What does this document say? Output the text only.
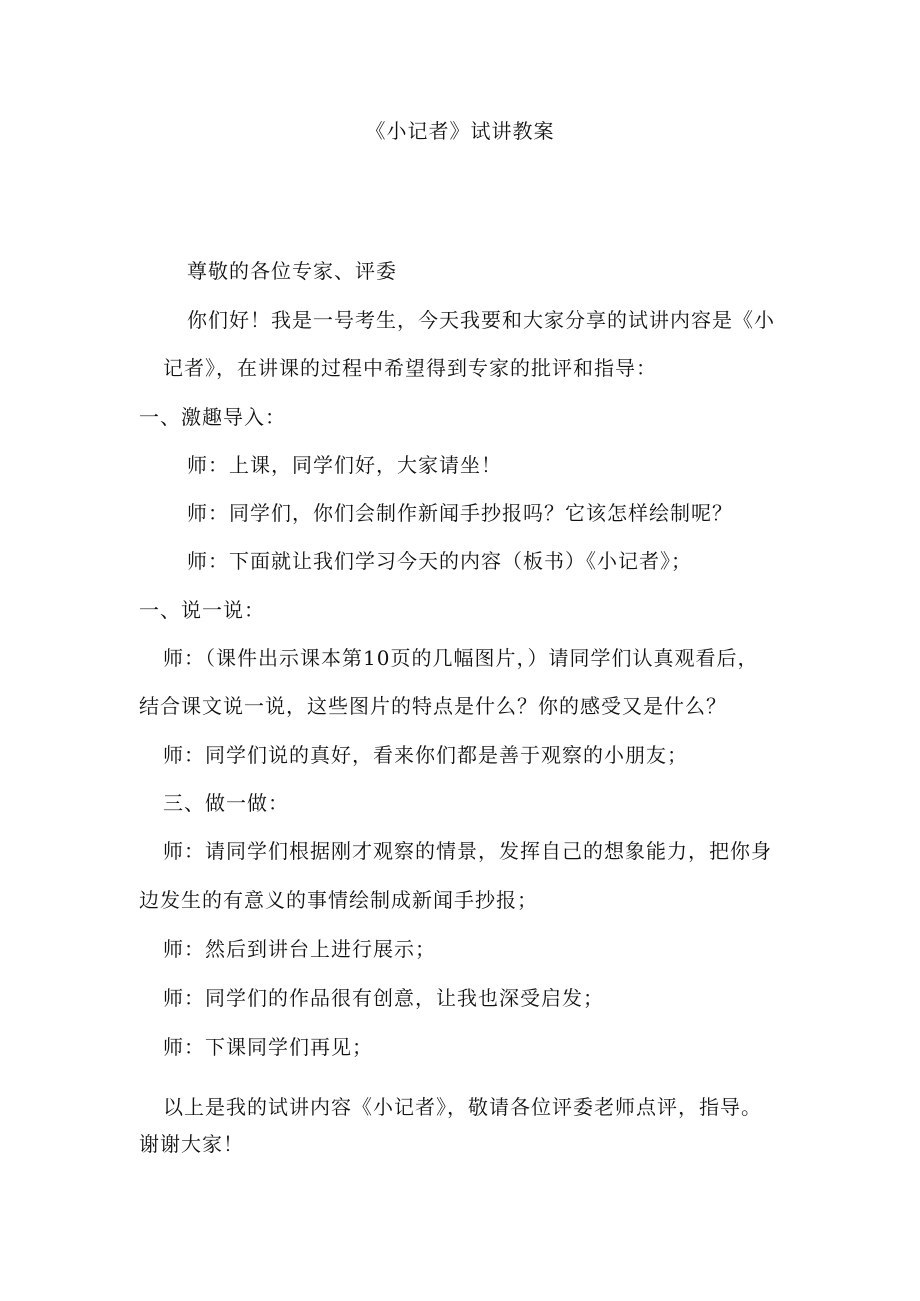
《小记者》试讲教案
尊敬的各位专家、评委
你们好！我是一号考生，今天我要和大家分享的试讲内容是《小
记者》，在讲课的过程中希望得到专家的批评和指导：
一、激趣导入：
师：上课，同学们好，大家请坐！
师：同学们，你们会制作新闻手抄报吗？它该怎样绘制呢？
师：下面就让我们学习今天的内容（板书）《小记者》；
一、说一说：
师：（课件出示课本第10页的几幅图片，）请同学们认真观看后，
结合课文说一说，这些图片的特点是什么？你的感受又是什么？
师：同学们说的真好，看来你们都是善于观察的小朋友；
三、做一做：
师：请同学们根据刚才观察的情景，发挥自己的想象能力，把你身
边发生的有意义的事情绘制成新闻手抄报；
师：然后到讲台上进行展示；
师：同学们的作品很有创意，让我也深受启发；
师：下课同学们再见；
以上是我的试讲内容《小记者》，敬请各位评委老师点评，指导。
谢谢大家！
